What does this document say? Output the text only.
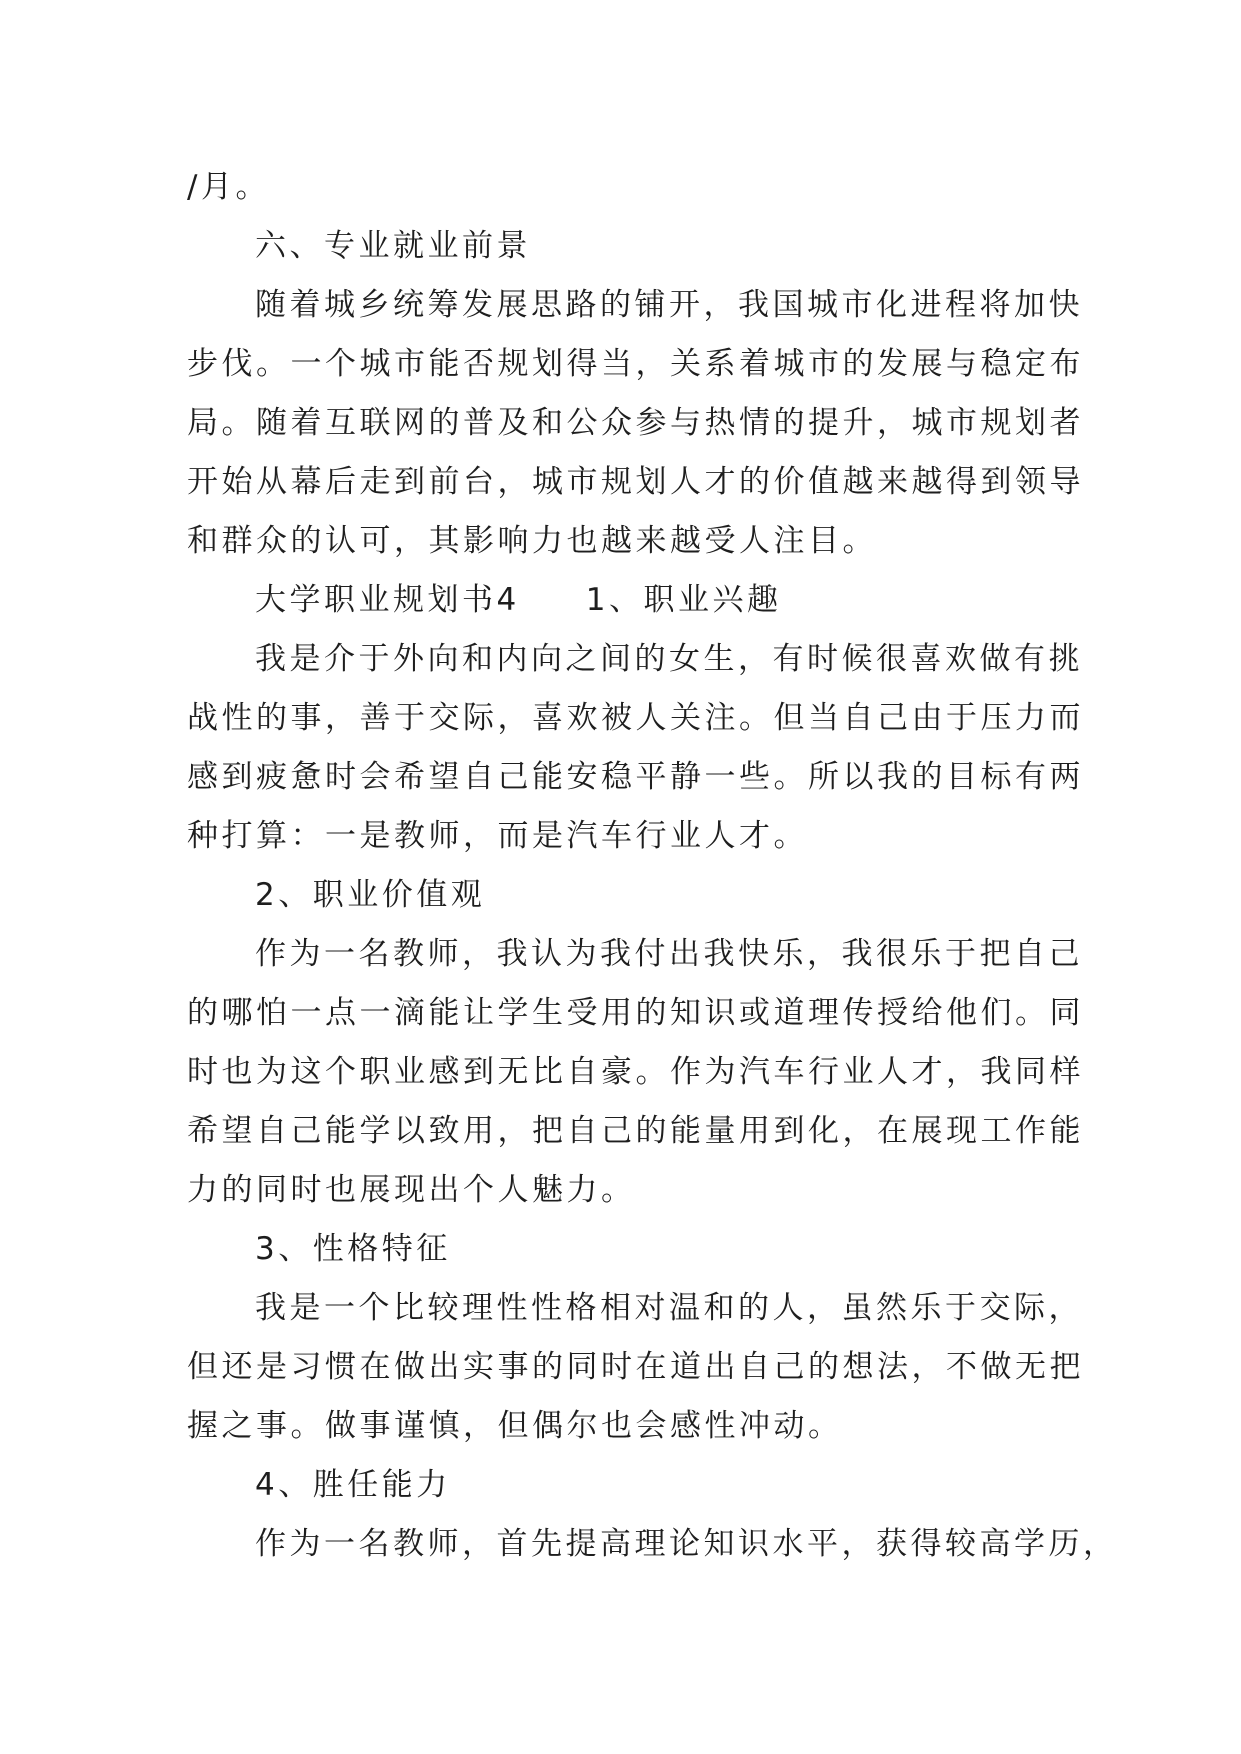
/月。
六、专业就业前景
随着城乡统筹发展思路的铺开，我国城市化进程将加快
步伐。一个城市能否规划得当，关系着城市的发展与稳定布
局。随着互联网的普及和公众参与热情的提升，城市规划者
开始从幕后走到前台，城市规划人才的价值越来越得到领导
和群众的认可，其影响力也越来越受人注目。
大学职业规划书4 1、职业兴趣
我是介于外向和内向之间的女生，有时候很喜欢做有挑
战性的事，善于交际，喜欢被人关注。但当自己由于压力而
感到疲惫时会希望自己能安稳平静一些。所以我的目标有两
种打算：一是教师，而是汽车行业人才。
2、职业价值观
作为一名教师，我认为我付出我快乐，我很乐于把自己
的哪怕一点一滴能让学生受用的知识或道理传授给他们。同
时也为这个职业感到无比自豪。作为汽车行业人才，我同样
希望自己能学以致用，把自己的能量用到化，在展现工作能
力的同时也展现出个人魅力。
3、性格特征
我是一个比较理性性格相对温和的人，虽然乐于交际，
但还是习惯在做出实事的同时在道出自己的想法，不做无把
握之事。做事谨慎，但偶尔也会感性冲动。
4、胜任能力
作为一名教师，首先提高理论知识水平，获得较高学历，
